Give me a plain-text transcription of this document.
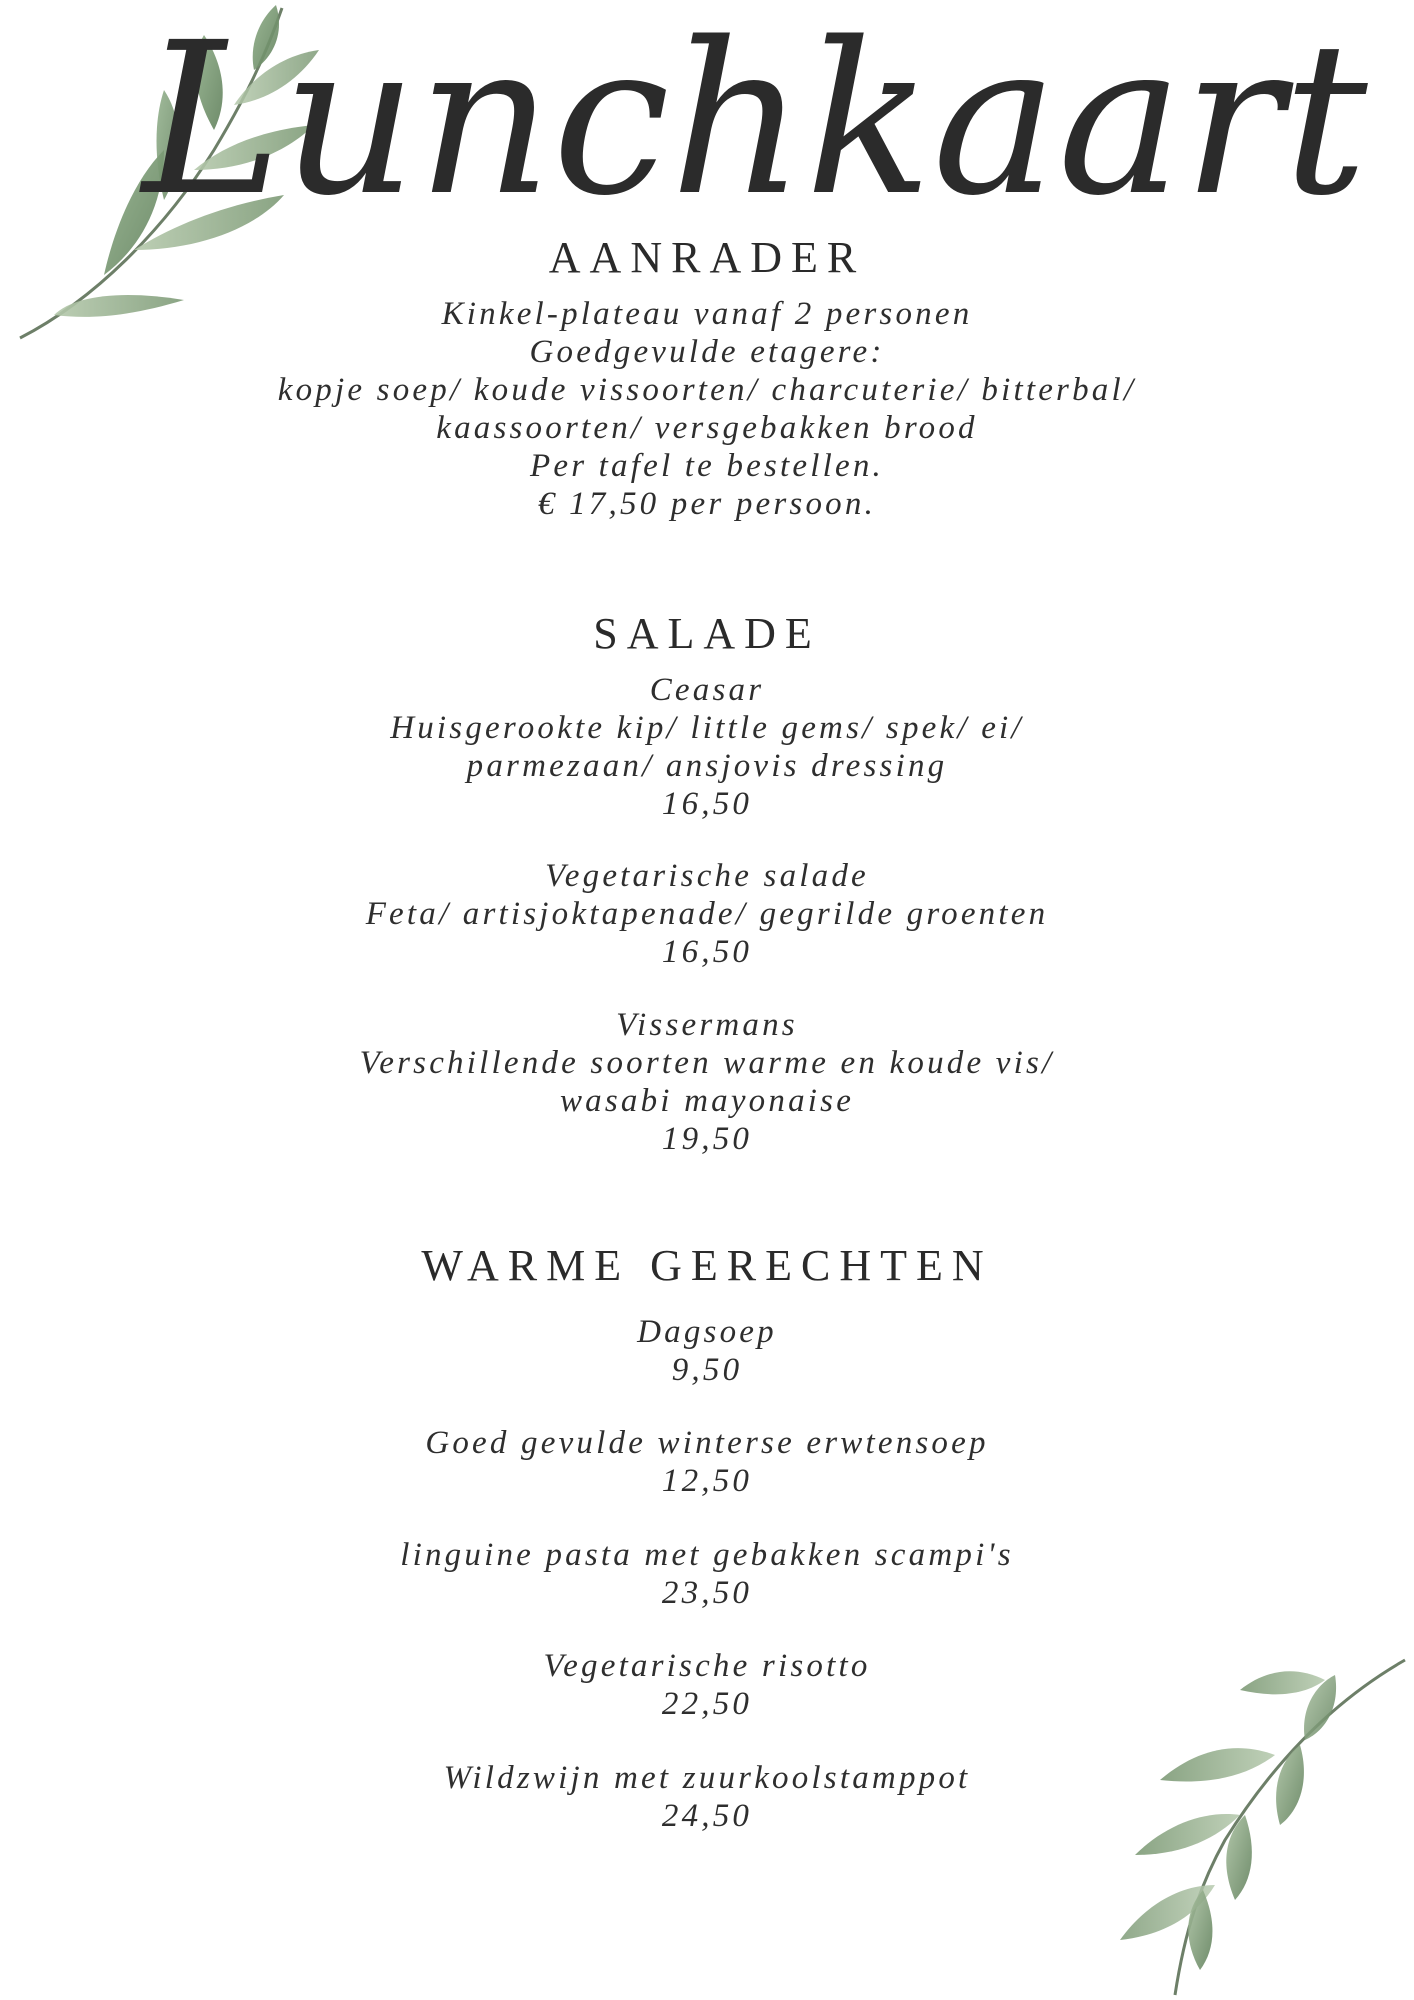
Lunchkaart
AANRADER
Kinkel-plateau vanaf 2 personen
Goedgevulde etagere:
kopje soep/ koude vissoorten/ charcuterie/ bitterbal/
kaassoorten/ versgebakken brood
Per tafel te bestellen.
€ 17,50 per persoon.
SALADE
Ceasar
Huisgerookte kip/ little gems/ spek/ ei/
parmezaan/ ansjovis dressing
16,50
Vegetarische salade
Feta/ artisjoktapenade/ gegrilde groenten
16,50
Vissermans
Verschillende soorten warme en koude vis/
wasabi mayonaise
19,50
WARME GERECHTEN
Dagsoep
9,50
Goed gevulde winterse erwtensoep
12,50
linguine pasta met gebakken scampi's
23,50
Vegetarische risotto
22,50
Wildzwijn met zuurkoolstamppot
24,50
